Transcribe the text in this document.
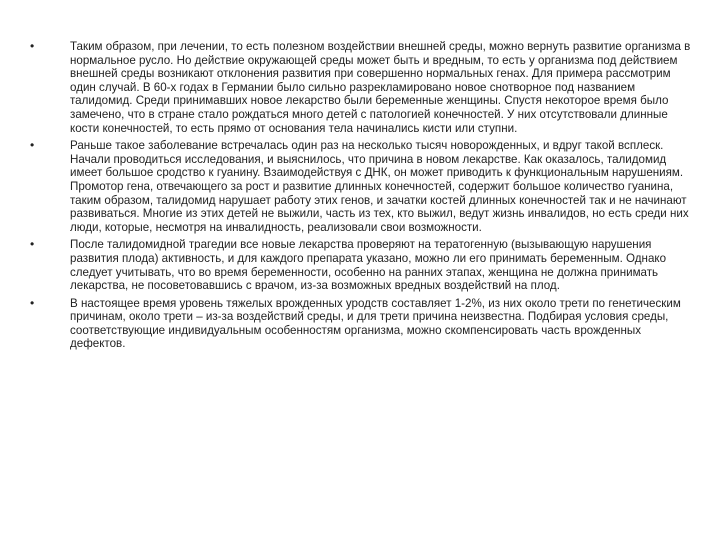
•	Таким образом, при лечении, то есть полезном воздействии внешней среды, можно вернуть развитие организма в нормальное русло. Но действие окружающей среды может быть и вредным, то есть у организма под действием внешней среды возникают отклонения развития при совершенно нормальных генах. Для примера рассмотрим один случай. В 60-х годах в Германии было сильно разрекламировано новое снотворное под названием талидомид. Среди принимавших новое лекарство были беременные женщины. Спустя некоторое время было замечено, что в стране стало рождаться много детей с патологией конечностей. У них отсутствовали длинные кости конечностей, то есть прямо от основания тела начинались кисти или ступни.
•	Раньше такое заболевание встречалась один раз на несколько тысяч новорожденных, и вдруг такой всплеск. Начали проводиться исследования, и выяснилось, что причина в новом лекарстве. Как оказалось, талидомид имеет большое сродство к гуанину. Взаимодействуя с ДНК, он может приводить к функциональным нарушениям. Промотор гена, отвечающего за рост и развитие длинных конечностей, содержит большое количество гуанина, таким образом, талидомид нарушает работу этих генов, и зачатки костей длинных конечностей так и не начинают развиваться. Многие из этих детей не выжили, часть из тех, кто выжил, ведут жизнь инвалидов, но есть среди них люди, которые, несмотря на инвалидность, реализовали свои возможности.
•	После талидомидной трагедии все новые лекарства проверяют на тератогенную (вызывающую нарушения развития плода) активность, и для каждого препарата указано, можно ли его принимать беременным. Однако следует учитывать, что во время беременности, особенно на ранних этапах, женщина не должна принимать лекарства, не посоветовавшись с врачом, из-за возможных вредных воздействий на плод.
•	В настоящее время уровень тяжелых врожденных уродств составляет 1-2%, из них около трети по генетическим причинам, около трети – из-за воздействий среды, и для трети причина неизвестна. Подбирая условия среды, соответствующие индивидуальным особенностям организма, можно скомпенсировать часть врожденных дефектов.
